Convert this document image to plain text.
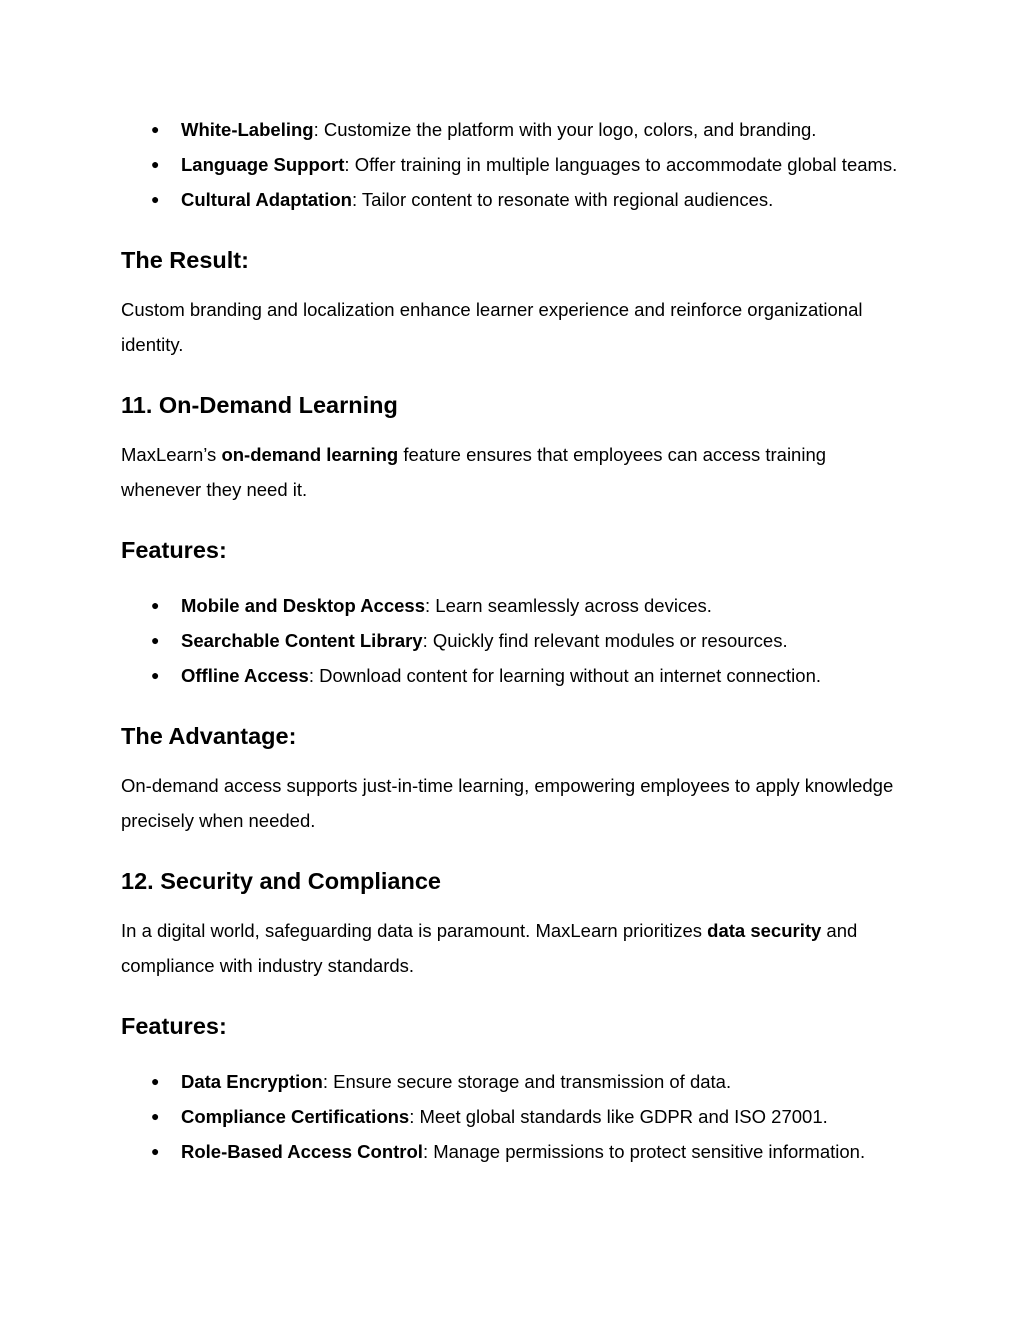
● White-Labeling: Customize the platform with your logo, colors, and branding.
● Language Support: Offer training in multiple languages to accommodate global teams.
● Cultural Adaptation: Tailor content to resonate with regional audiences.
The Result:

Custom branding and localization enhance learner experience and reinforce organizational identity.

11. On-Demand Learning

MaxLearn’s on-demand learning feature ensures that employees can access training whenever they need it.

Features:
● Mobile and Desktop Access: Learn seamlessly across devices.
● Searchable Content Library: Quickly find relevant modules or resources.
● Offline Access: Download content for learning without an internet connection.
The Advantage:

On-demand access supports just-in-time learning, empowering employees to apply knowledge precisely when needed.

12. Security and Compliance

In a digital world, safeguarding data is paramount. MaxLearn prioritizes data security and compliance with industry standards.

Features:
● Data Encryption: Ensure secure storage and transmission of data.
● Compliance Certifications: Meet global standards like GDPR and ISO 27001.
● Role-Based Access Control: Manage permissions to protect sensitive information.
